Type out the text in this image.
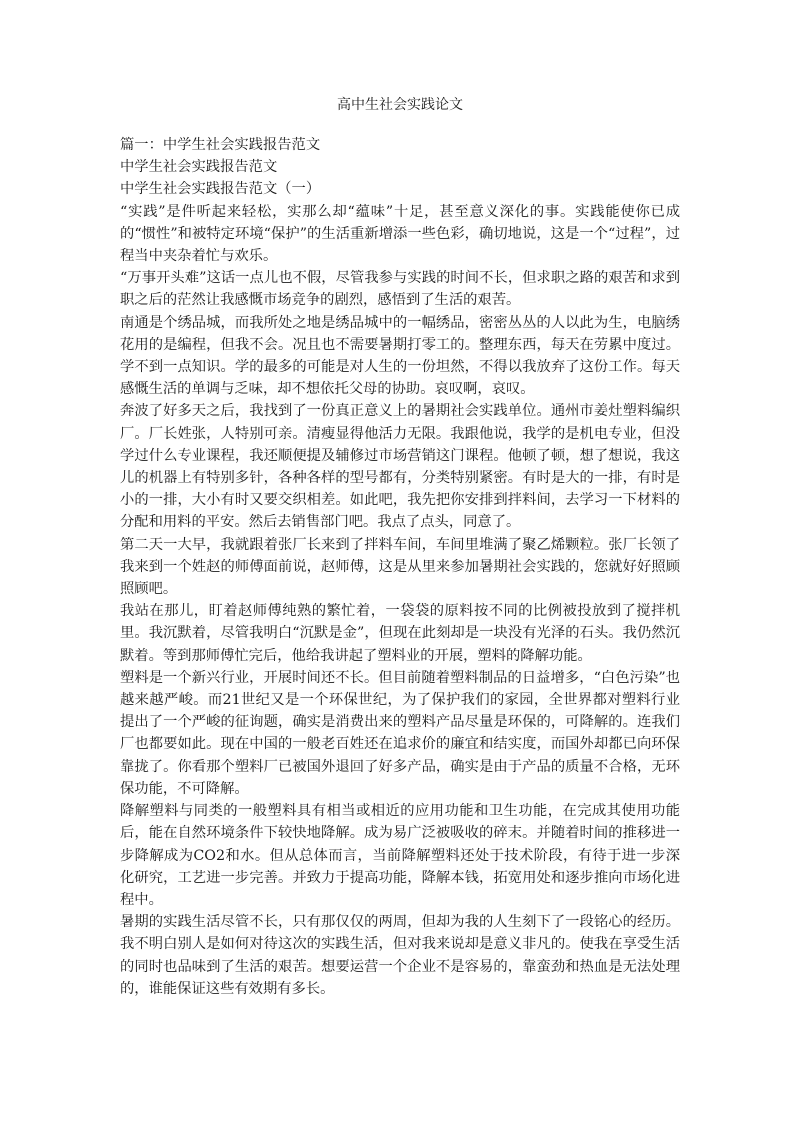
高中生社会实践论文

篇一：中学生社会实践报告范文

中学生社会实践报告范文

中学生社会实践报告范文（一）

“实践”是件听起来轻松，实那么却“蕴味”十足，甚至意义深化的事。实践能使你已成的“惯性”和被特定环境“保护”的生活重新增添一些色彩，确切地说，这是一个“过程”，过程当中夹杂着忙与欢乐。

“万事开头难”这话一点儿也不假，尽管我参与实践的时间不长，但求职之路的艰苦和求到职之后的茫然让我感慨市场竞争的剧烈，感悟到了生活的艰苦。

南通是个绣品城，而我所处之地是绣品城中的一幅绣品，密密丛丛的人以此为生，电脑绣花用的是编程，但我不会。况且也不需要暑期打零工的。整理东西，每天在劳累中度过。学不到一点知识。学的最多的可能是对人生的一份坦然，不得以我放弃了这份工作。每天感慨生活的单调与乏味，却不想依托父母的协助。哀叹啊，哀叹。

奔波了好多天之后，我找到了一份真正意义上的暑期社会实践单位。通州市姜灶塑料编织厂。厂长姓张，人特别可亲。清瘦显得他活力无限。我跟他说，我学的是机电专业，但没学过什么专业课程，我还顺便提及辅修过市场营销这门课程。他顿了顿，想了想说，我这儿的机器上有特别多针，各种各样的型号都有，分类特别紧密。有时是大的一排，有时是小的一排，大小有时又要交织相差。如此吧，我先把你安排到拌料间，去学习一下材料的分配和用料的平安。然后去销售部门吧。我点了点头，同意了。

第二天一大早，我就跟着张厂长来到了拌料车间，车间里堆满了聚乙烯颗粒。张厂长领了我来到一个姓赵的师傅面前说，赵师傅，这是从里来参加暑期社会实践的，您就好好照顾照顾吧。

我站在那儿，盯着赵师傅纯熟的繁忙着，一袋袋的原料按不同的比例被投放到了搅拌机里。我沉默着，尽管我明白“沉默是金”，但现在此刻却是一块没有光泽的石头。我仍然沉默着。等到那师傅忙完后，他给我讲起了塑料业的开展，塑料的降解功能。

塑料是一个新兴行业，开展时间还不长。但目前随着塑料制品的日益增多，“白色污染”也越来越严峻。而21世纪又是一个环保世纪，为了保护我们的家园，全世界都对塑料行业提出了一个严峻的征询题，确实是消费出来的塑料产品尽量是环保的，可降解的。连我们厂也都要如此。现在中国的一般老百姓还在追求价的廉宜和结实度，而国外却都已向环保靠拢了。你看那个塑料厂已被国外退回了好多产品，确实是由于产品的质量不合格，无环保功能，不可降解。

降解塑料与同类的一般塑料具有相当或相近的应用功能和卫生功能，在完成其使用功能后，能在自然环境条件下较快地降解。成为易广泛被吸收的碎末。并随着时间的推移进一步降解成为CO2和水。但从总体而言，当前降解塑料还处于技术阶段，有待于进一步深化研究，工艺进一步完善。并致力于提高功能，降解本钱，拓宽用处和逐步推向市场化进程中。

暑期的实践生活尽管不长，只有那仅仅的两周，但却为我的人生刻下了一段铭心的经历。我不明白别人是如何对待这次的实践生活，但对我来说却是意义非凡的。使我在享受生活的同时也品味到了生活的艰苦。想要运营一个企业不是容易的，靠蛮劲和热血是无法处理的，谁能保证这些有效期有多长。
